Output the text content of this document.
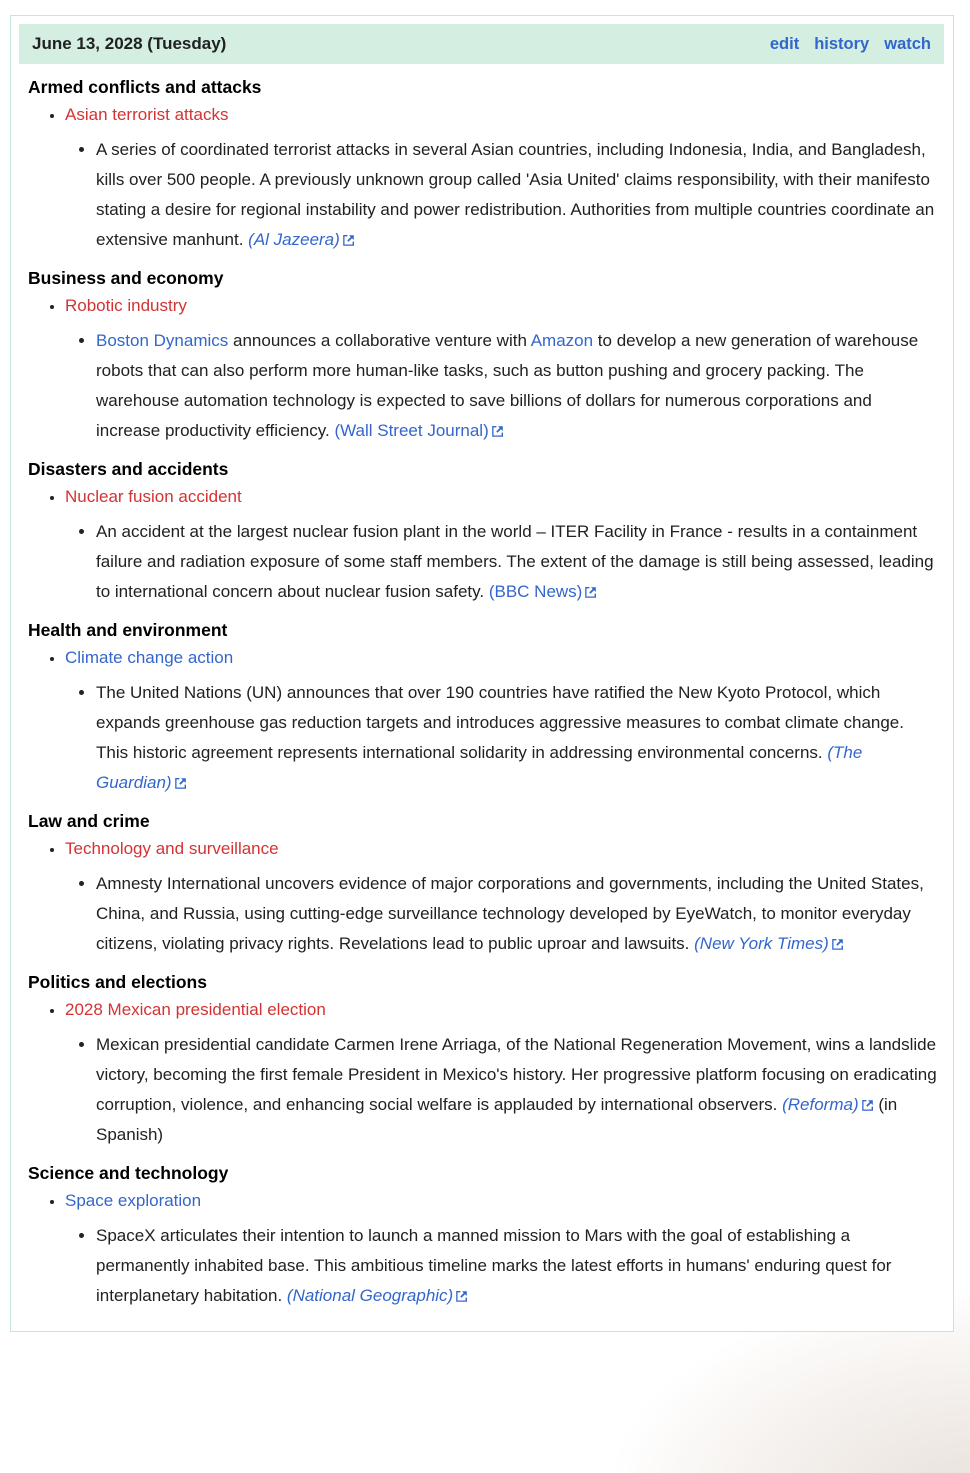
June 13, 2028 (Tuesday)	edit history watch
Armed conflicts and attacks
• Asian terrorist attacks
• A series of coordinated terrorist attacks in several Asian countries, including Indonesia, India, and Bangladesh, kills over 500 people. A previously unknown group called 'Asia United' claims responsibility, with their manifesto stating a desire for regional instability and power redistribution. Authorities from multiple countries coordinate an extensive manhunt. (Al Jazeera)
Business and economy
• Robotic industry
• Boston Dynamics announces a collaborative venture with Amazon to develop a new generation of warehouse robots that can also perform more human-like tasks, such as button pushing and grocery packing. The warehouse automation technology is expected to save billions of dollars for numerous corporations and increase productivity efficiency. (Wall Street Journal)
Disasters and accidents
• Nuclear fusion accident
• An accident at the largest nuclear fusion plant in the world – ITER Facility in France - results in a containment failure and radiation exposure of some staff members. The extent of the damage is still being assessed, leading to international concern about nuclear fusion safety. (BBC News)
Health and environment
• Climate change action
• The United Nations (UN) announces that over 190 countries have ratified the New Kyoto Protocol, which expands greenhouse gas reduction targets and introduces aggressive measures to combat climate change. This historic agreement represents international solidarity in addressing environmental concerns. (The Guardian)
Law and crime
• Technology and surveillance
• Amnesty International uncovers evidence of major corporations and governments, including the United States, China, and Russia, using cutting-edge surveillance technology developed by EyeWatch, to monitor everyday citizens, violating privacy rights. Revelations lead to public uproar and lawsuits. (New York Times)
Politics and elections
• 2028 Mexican presidential election
• Mexican presidential candidate Carmen Irene Arriaga, of the National Regeneration Movement, wins a landslide victory, becoming the first female President in Mexico's history. Her progressive platform focusing on eradicating corruption, violence, and enhancing social welfare is applauded by international observers. (Reforma) (in Spanish)
Science and technology
• Space exploration
• SpaceX articulates their intention to launch a manned mission to Mars with the goal of establishing a permanently inhabited base. This ambitious timeline marks the latest efforts in humans' enduring quest for interplanetary habitation. (National Geographic)
